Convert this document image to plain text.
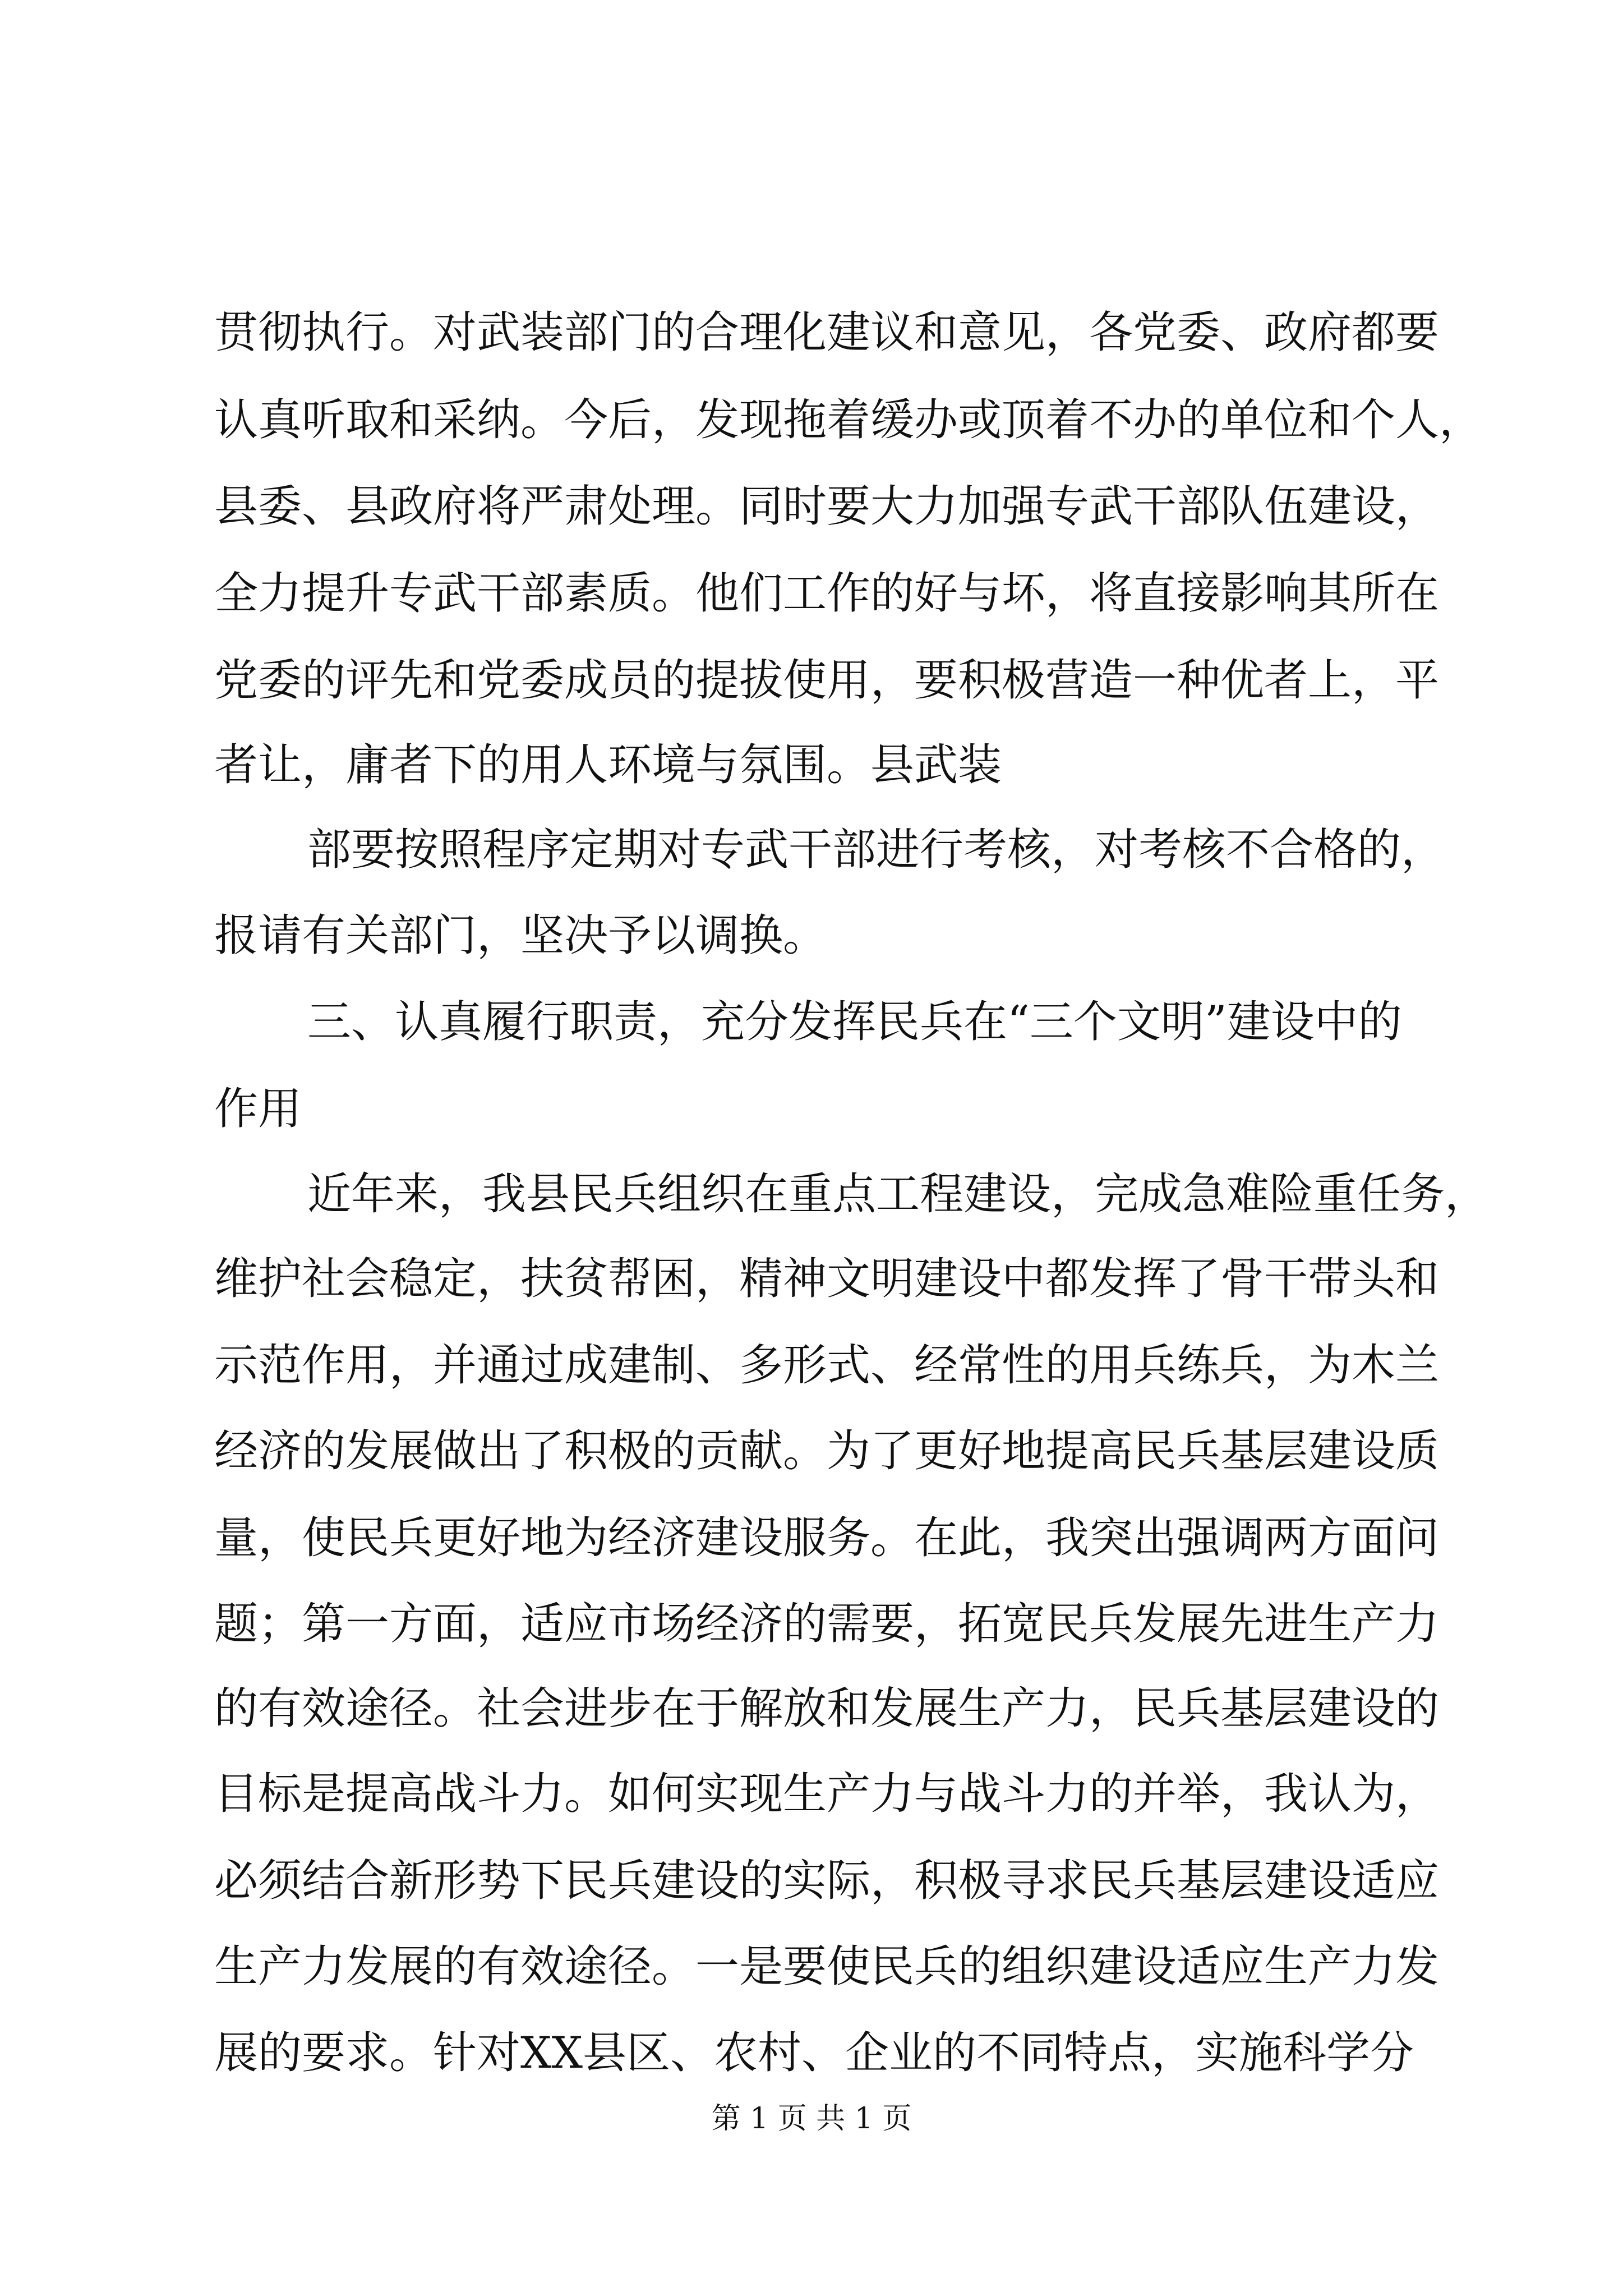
贯彻执行。对武装部门的合理化建议和意见，各党委、政府都要
认真听取和采纳。今后，发现拖着缓办或顶着不办的单位和个人，
县委、县政府将严肃处理。同时要大力加强专武干部队伍建设，
全力提升专武干部素质。他们工作的好与坏，将直接影响其所在
党委的评先和党委成员的提拔使用，要积极营造一种优者上，平
者让，庸者下的用人环境与氛围。县武装
部要按照程序定期对专武干部进行考核，对考核不合格的，
报请有关部门，坚决予以调换。
三、认真履行职责，充分发挥民兵在“三个文明”建设中的
作用
近年来，我县民兵组织在重点工程建设，完成急难险重任务，
维护社会稳定，扶贫帮困，精神文明建设中都发挥了骨干带头和
示范作用，并通过成建制、多形式、经常性的用兵练兵，为木兰
经济的发展做出了积极的贡献。为了更好地提高民兵基层建设质
量，使民兵更好地为经济建设服务。在此，我突出强调两方面问
题；第一方面，适应市场经济的需要，拓宽民兵发展先进生产力
的有效途径。社会进步在于解放和发展生产力，民兵基层建设的
目标是提高战斗力。如何实现生产力与战斗力的并举，我认为，
必须结合新形势下民兵建设的实际，积极寻求民兵基层建设适应
生产力发展的有效途径。一是要使民兵的组织建设适应生产力发
展的要求。针对XX县区、农村、企业的不同特点，实施科学分
第 1 页 共 1 页
